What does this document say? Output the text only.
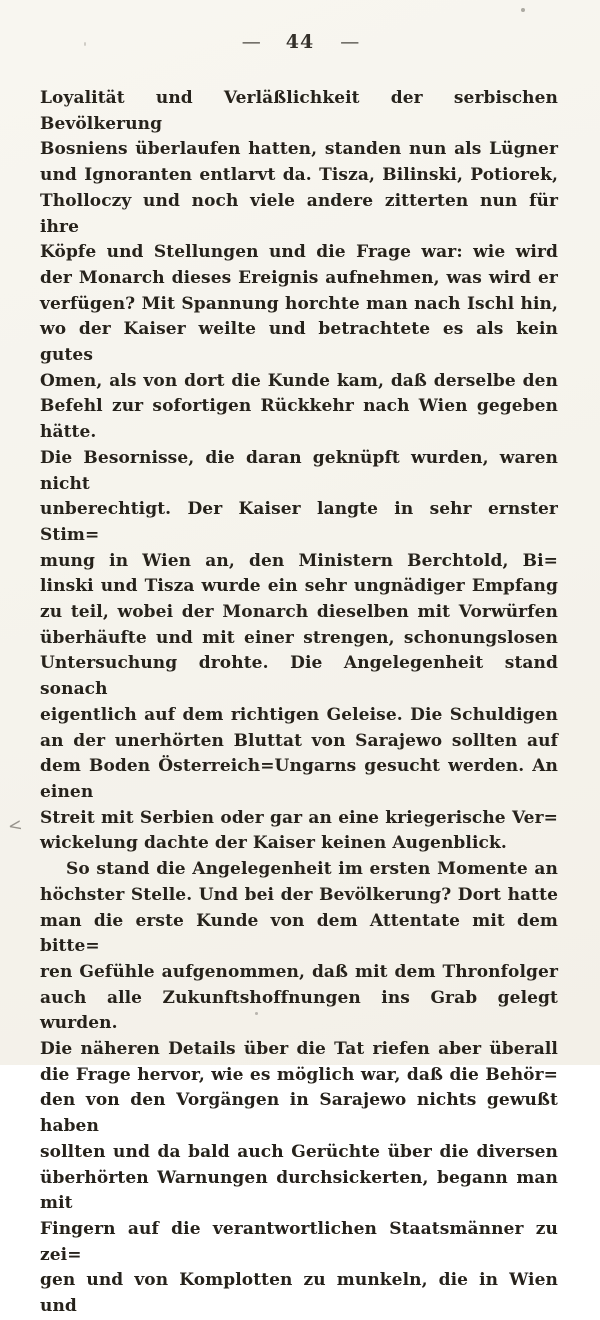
— 44 —
<
Loyalität und Verläßlichkeit der serbischen Bevölkerung
Bosniens überlaufen hatten, standen nun als Lügner
und Ignoranten entlarvt da. Tisza, Bilinski, Potiorek,
Tholloczy und noch viele andere zitterten nun für ihre
Köpfe und Stellungen und die Frage war: wie wird
der Monarch dieses Ereignis aufnehmen, was wird er
verfügen? Mit Spannung horchte man nach Ischl hin,
wo der Kaiser weilte und betrachtete es als kein gutes
Omen, als von dort die Kunde kam, daß derselbe den
Befehl zur sofortigen Rückkehr nach Wien gegeben hätte.
Die Besornisse, die daran geknüpft wurden, waren nicht
unberechtigt. Der Kaiser langte in sehr ernster Stim=
mung in Wien an, den Ministern Berchtold, Bi=
linski und Tisza wurde ein sehr ungnädiger Empfang
zu teil, wobei der Monarch dieselben mit Vorwürfen
überhäufte und mit einer strengen, schonungslosen
Untersuchung drohte. Die Angelegenheit stand sonach
eigentlich auf dem richtigen Geleise. Die Schuldigen
an der unerhörten Bluttat von Sarajewo sollten auf
dem Boden Österreich=Ungarns gesucht werden. An einen
Streit mit Serbien oder gar an eine kriegerische Ver=
wickelung dachte der Kaiser keinen Augenblick.
So stand die Angelegenheit im ersten Momente an
höchster Stelle. Und bei der Bevölkerung? Dort hatte
man die erste Kunde von dem Attentate mit dem bitte=
ren Gefühle aufgenommen, daß mit dem Thronfolger
auch alle Zukunftshoffnungen ins Grab gelegt wurden.
Die näheren Details über die Tat riefen aber überall
die Frage hervor, wie es möglich war, daß die Behör=
den von den Vorgängen in Sarajewo nichts gewußt haben
sollten und da bald auch Gerüchte über die diversen
überhörten Warnungen durchsickerten, begann man mit
Fingern auf die verantwortlichen Staatsmänner zu zei=
gen und von Komplotten zu munkeln, die in Wien und
